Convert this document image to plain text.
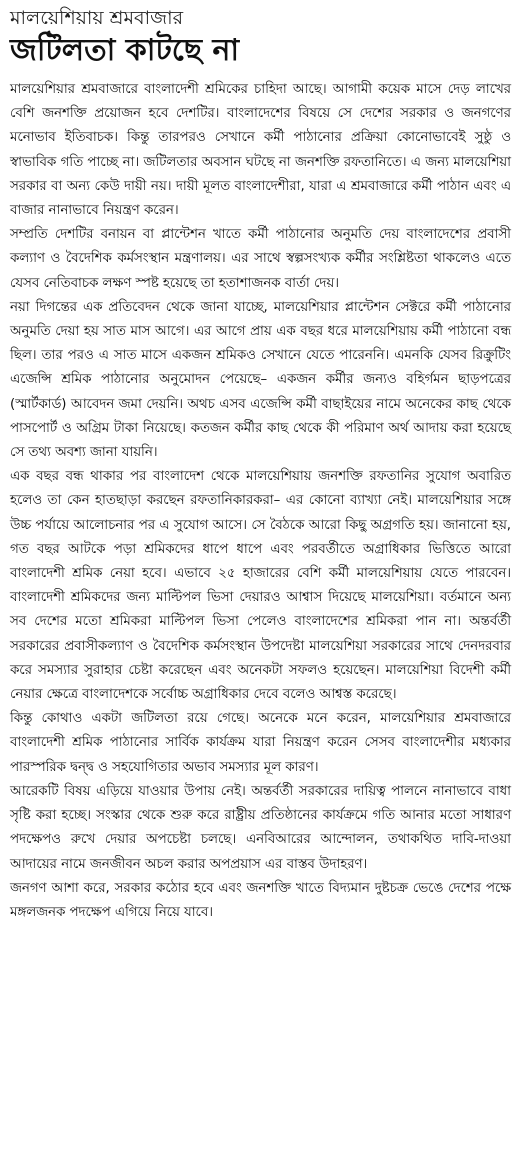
মালয়েশিয়ায় শ্রমবাজার
জটিলতা কাটছে না

মালয়েশিয়ার শ্রমবাজারে বাংলাদেশী শ্রমিকের চাহিদা আছে। আগামী কয়েক মাসে দেড় লাখের বেশি জনশক্তি প্রয়োজন হবে দেশটির। বাংলাদেশের বিষয়ে সে দেশের সরকার ও জনগণের মনোভাব ইতিবাচক। কিন্তু তারপরও সেখানে কর্মী পাঠানোর প্রক্রিয়া কোনোভাবেই সুষ্ঠু ও স্বাভাবিক গতি পাচ্ছে না। জটিলতার অবসান ঘটছে না জনশক্তি রফতানিতে। এ জন্য মালয়েশিয়া সরকার বা অন্য কেউ দায়ী নয়। দায়ী মূলত বাংলাদেশীরা, যারা এ শ্রমবাজারে কর্মী পাঠান এবং এ বাজার নানাভাবে নিয়ন্ত্রণ করেন।

সম্প্রতি দেশটির বনায়ন বা প্লান্টেশন খাতে কর্মী পাঠানোর অনুমতি দেয় বাংলাদেশের প্রবাসী কল্যাণ ও বৈদেশিক কর্মসংস্থান মন্ত্রণালয়। এর সাথে স্বল্পসংখ্যক কর্মীর সংশ্লিষ্টতা থাকলেও এতে যেসব নেতিবাচক লক্ষণ স্পষ্ট হয়েছে তা হতাশাজনক বার্তা দেয়।

নয়া দিগন্তের এক প্রতিবেদন থেকে জানা যাচ্ছে, মালয়েশিয়ার প্লান্টেশন সেক্টরে কর্মী পাঠানোর অনুমতি দেয়া হয় সাত মাস আগে। এর আগে প্রায় এক বছর ধরে মালয়েশিয়ায় কর্মী পাঠানো বন্ধ ছিল। তার পরও এ সাত মাসে একজন শ্রমিকও সেখানে যেতে পারেননি। এমনকি যেসব রিক্রুটিং এজেন্সি শ্রমিক পাঠানোর অনুমোদন পেয়েছে– একজন কর্মীর জন্যও বহির্গমন ছাড়পত্রের (স্মার্টকার্ড) আবেদন জমা দেয়নি। অথচ এসব এজেন্সি কর্মী বাছাইয়ের নামে অনেকের কাছ থেকে পাসপোর্ট ও অগ্রিম টাকা নিয়েছে। কতজন কর্মীর কাছ থেকে কী পরিমাণ অর্থ আদায় করা হয়েছে সে তথ্য অবশ্য জানা যায়নি।

এক বছর বন্ধ থাকার পর বাংলাদেশ থেকে মালয়েশিয়ায় জনশক্তি রফতানির সুযোগ অবারিত হলেও তা কেন হাতছাড়া করছেন রফতানিকারকরা– এর কোনো ব্যাখ্যা নেই। মালয়েশিয়ার সঙ্গে উচ্চ পর্যায়ে আলোচনার পর এ সুযোগ আসে। সে বৈঠকে আরো কিছু অগ্রগতি হয়। জানানো হয়, গত বছর আটকে পড়া শ্রমিকদের ধাপে ধাপে এবং পরবর্তীতে অগ্রাধিকার ভিত্তিতে আরো বাংলাদেশী শ্রমিক নেয়া হবে। এভাবে ২৫ হাজারের বেশি কর্মী মালয়েশিয়ায় যেতে পারবেন। বাংলাদেশী শ্রমিকদের জন্য মাল্টিপল ভিসা দেয়ারও আশ্বাস দিয়েছে মালয়েশিয়া। বর্তমানে অন্য সব দেশের মতো শ্রমিকরা মাল্টিপল ভিসা পেলেও বাংলাদেশের শ্রমিকরা পান না। অন্তর্বর্তী সরকারের প্রবাসীকল্যাণ ও বৈদেশিক কর্মসংস্থান উপদেষ্টা মালয়েশিয়া সরকারের সাথে দেনদরবার করে সমস্যার সুরাহার চেষ্টা করেছেন এবং অনেকটা সফলও হয়েছেন। মালয়েশিয়া বিদেশী কর্মী নেয়ার ক্ষেত্রে বাংলাদেশকে সর্বোচ্চ অগ্রাধিকার দেবে বলেও আশ্বস্ত করেছে।

কিন্তু কোথাও একটা জটিলতা রয়ে গেছে। অনেকে মনে করেন, মালয়েশিয়ার শ্রমবাজারে বাংলাদেশী শ্রমিক পাঠানোর সার্বিক কার্যক্রম যারা নিয়ন্ত্রণ করেন সেসব বাংলাদেশীর মধ্যকার পারস্পরিক দ্বন্দ্ব ও সহযোগিতার অভাব সমস্যার মূল কারণ।

আরেকটি বিষয় এড়িয়ে যাওয়ার উপায় নেই। অন্তর্বর্তী সরকারের দায়িত্ব পালনে নানাভাবে বাধা সৃষ্টি করা হচ্ছে। সংস্কার থেকে শুরু করে রাষ্ট্রীয় প্রতিষ্ঠানের কার্যক্রমে গতি আনার মতো সাধারণ পদক্ষেপও রুখে দেয়ার অপচেষ্টা চলছে। এনবিআরের আন্দোলন, তথাকথিত দাবি-দাওয়া আদায়ের নামে জনজীবন অচল করার অপপ্রয়াস এর বাস্তব উদাহরণ।

জনগণ আশা করে, সরকার কঠোর হবে এবং জনশক্তি খাতে বিদ্যমান দুষ্টচক্র ভেঙে দেশের পক্ষে মঙ্গলজনক পদক্ষেপ এগিয়ে নিয়ে যাবে।
